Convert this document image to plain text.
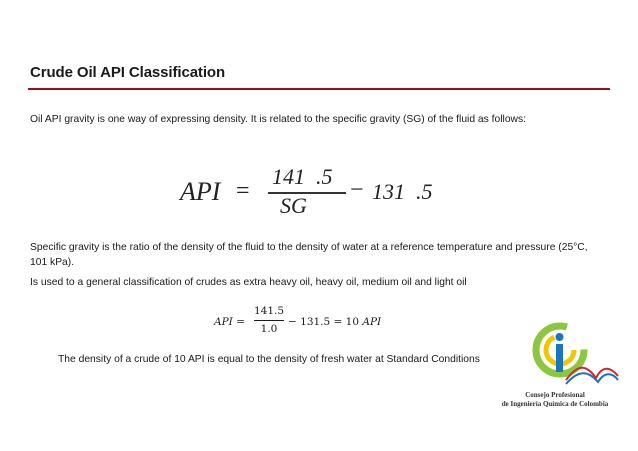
Crude Oil API Classification
Oil API gravity is one way of expressing density. It is related to the specific gravity (SG) of the fluid as follows:
API =
141  .5
SG
− 131  .5
Specific gravity is the ratio of the density of the fluid to the density of water at a reference temperature and pressure (25°C, 101 kPa).
Is used to a general classification of crudes as extra heavy oil, heavy oil, medium oil and light oil
API =
141.5
1.0
− 131.5 = 10 API
The density of a crude of 10 API is equal to the density of fresh water at Standard Conditions
Consejo Profesional
de Ingeniería Química de Colombia
